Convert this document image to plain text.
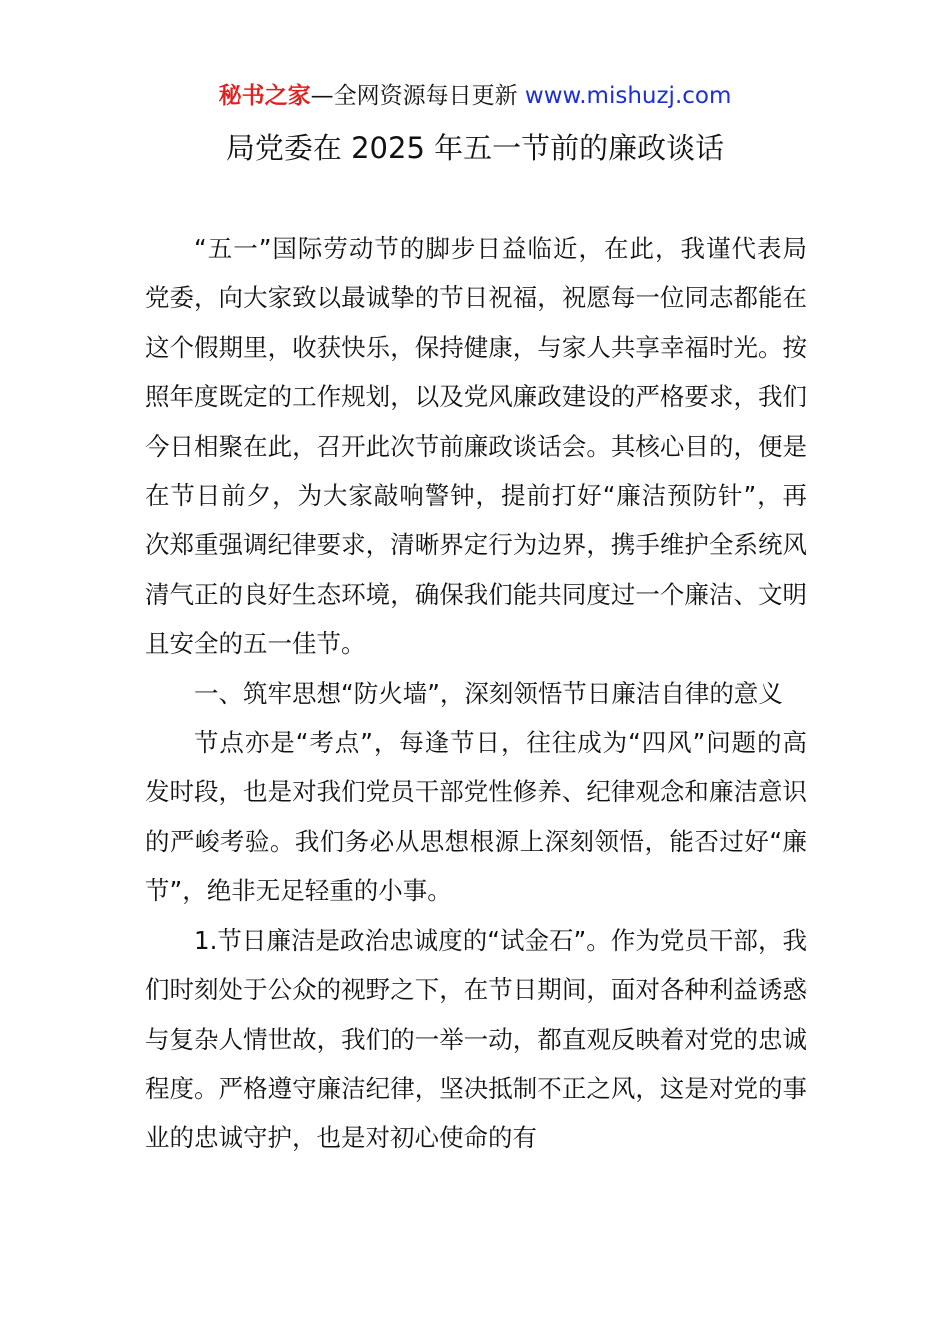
秘书之家—全网资源每日更新 www.mishuzj.com
局党委在 2025 年五一节前的廉政谈话

“五一”国际劳动节的脚步日益临近，在此，我谨代表局党委，向大家致以最诚挚的节日祝福，祝愿每一位同志都能在这个假期里，收获快乐，保持健康，与家人共享幸福时光。按照年度既定的工作规划，以及党风廉政建设的严格要求，我们今日相聚在此，召开此次节前廉政谈话会。其核心目的，便是在节日前夕，为大家敲响警钟，提前打好“廉洁预防针”，再次郑重强调纪律要求，清晰界定行为边界，携手维护全系统风清气正的良好生态环境，确保我们能共同度过一个廉洁、文明且安全的五一佳节。

一、筑牢思想“防火墙”，深刻领悟节日廉洁自律的意义

节点亦是“考点”，每逢节日，往往成为“四风”问题的高发时段，也是对我们党员干部党性修养、纪律观念和廉洁意识的严峻考验。我们务必从思想根源上深刻领悟，能否过好“廉节”，绝非无足轻重的小事。

1.节日廉洁是政治忠诚度的“试金石”。作为党员干部，我们时刻处于公众的视野之下，在节日期间，面对各种利益诱惑与复杂人情世故，我们的一举一动，都直观反映着对党的忠诚程度。严格遵守廉洁纪律，坚决抵制不正之风，这是对党的事业的忠诚守护，也是对初心使命的有
